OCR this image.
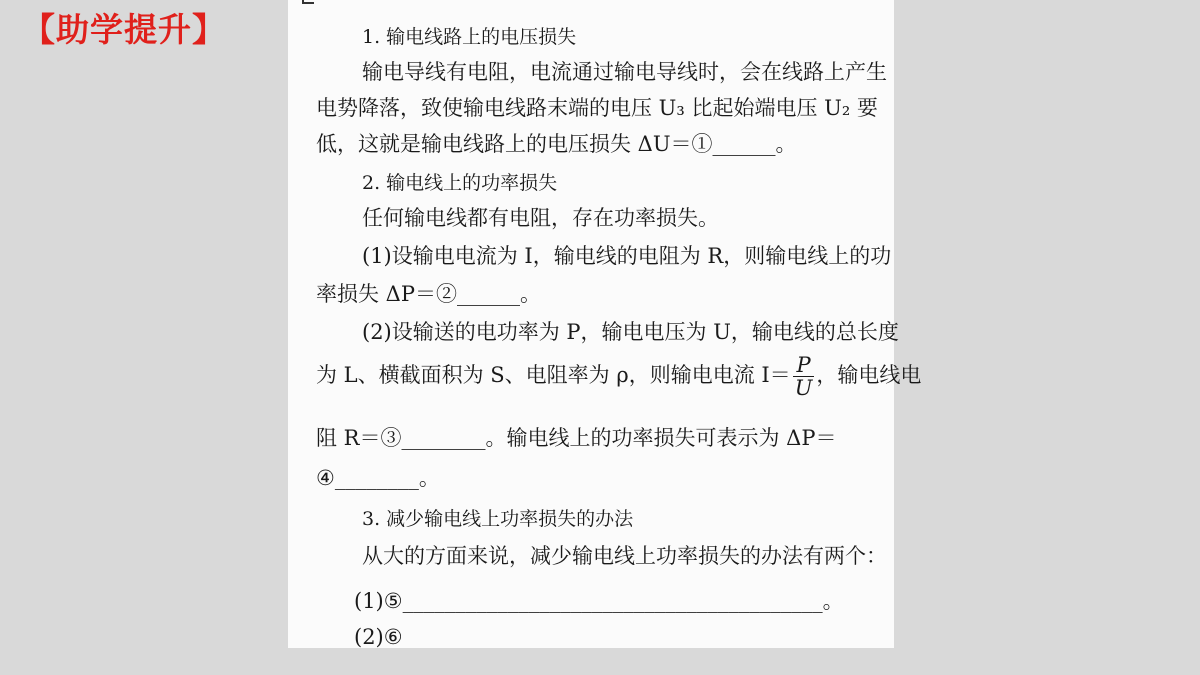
【助学提升】	1. 输电线路上的电压损失
输电导线有电阻，电流通过输电导线时，会在线路上产生
电势降落，致使输电线路末端的电压 U₃ 比起始端电压 U₂ 要
低，这就是输电线路上的电压损失 ΔU＝①______。
2. 输电线上的功率损失
任何输电线都有电阻，存在功率损失。
(1)设输电电流为 I，输电线的电阻为 R，则输电线上的功
率损失 ΔP＝②______。
(2)设输送的电功率为 P，输电电压为 U，输电线的总长度
为 L、横截面积为 S、电阻率为 ρ，则输电电流 $I= \frac{P}{U}$ ，输电线电
阻 R＝③________。输电线上的功率损失可表示为 ΔP＝
④________。
3. 减少输电线上功率损失的办法
从大的方面来说，减少输电线上功率损失的办法有两个：
(1)⑤________________________________________。
(2)⑥
